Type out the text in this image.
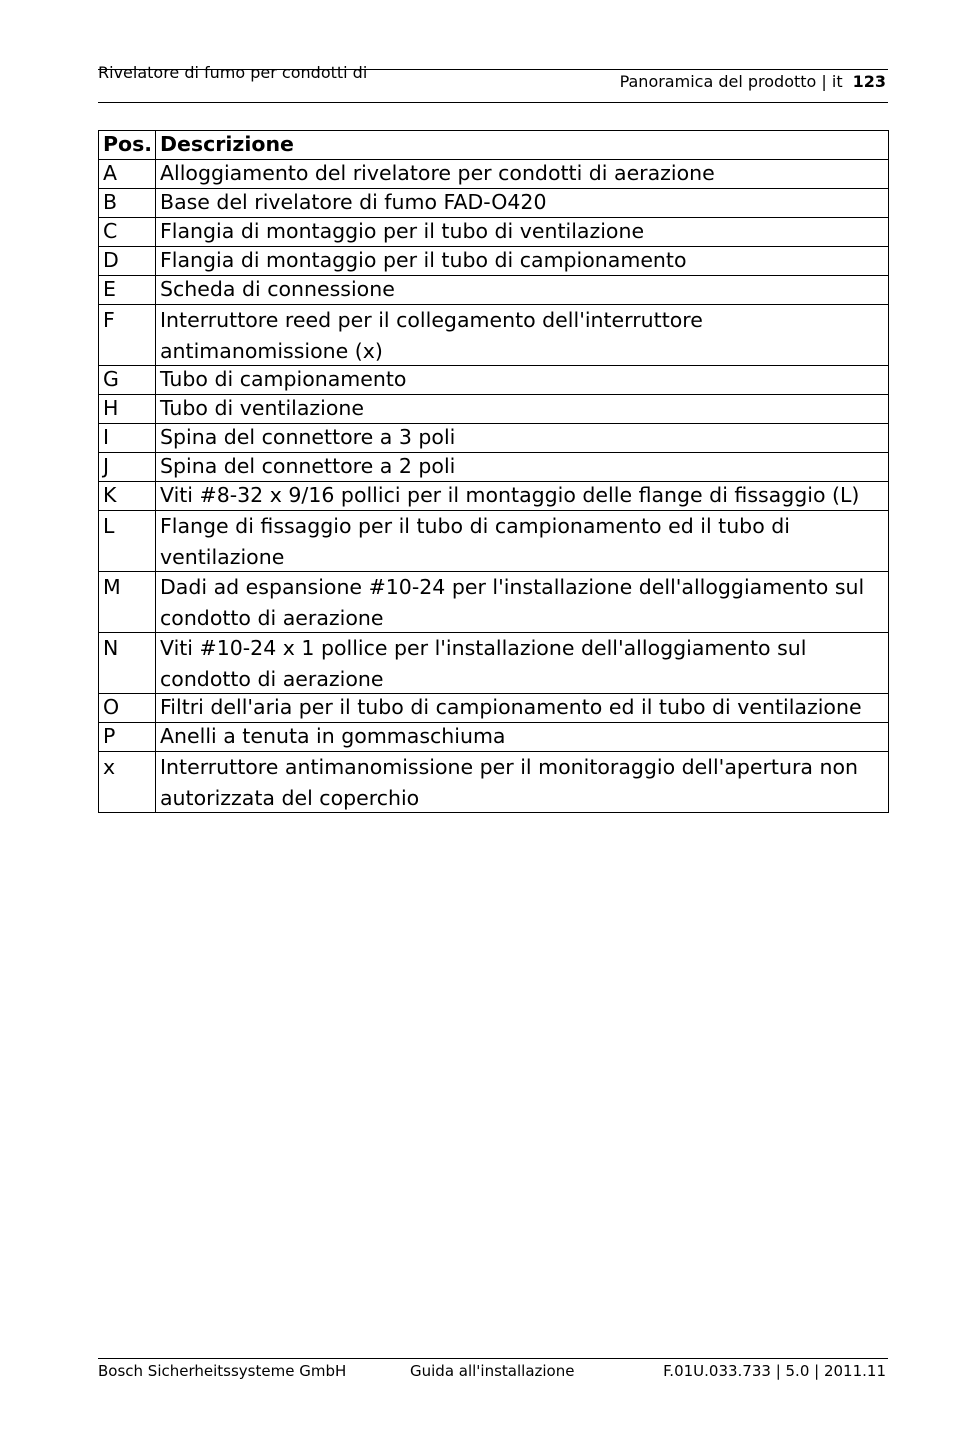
Rivelatore di fumo per condotti di	Panoramica del prodotto | it 123
Pos. Descrizione
A	Alloggiamento del rivelatore per condotti di aerazione
B	Base del rivelatore di fumo FAD-O420
C	Flangia di montaggio per il tubo di ventilazione
D	Flangia di montaggio per il tubo di campionamento
E	Scheda di connessione
F	Interruttore reed per il collegamento dell'interruttore
antimanomissione (x)
G	Tubo di campionamento
H	Tubo di ventilazione
I	Spina del connettore a 3 poli
J	Spina del connettore a 2 poli
K	Viti #8-32 x 9/16 pollici per il montaggio delle flange di fissaggio (L)
L	Flange di fissaggio per il tubo di campionamento ed il tubo di
ventilazione
M	Dadi ad espansione #10-24 per l'installazione dell'alloggiamento sul
condotto di aerazione
N	Viti #10-24 x 1 pollice per l'installazione dell'alloggiamento sul
condotto di aerazione
O	Filtri dell'aria per il tubo di campionamento ed il tubo di ventilazione
P	Anelli a tenuta in gommaschiuma
x	Interruttore antimanomissione per il monitoraggio dell'apertura non
autorizzata del coperchio
Bosch Sicherheitssysteme GmbH	Guida all'installazione	F.01U.033.733 | 5.0 | 2011.11
